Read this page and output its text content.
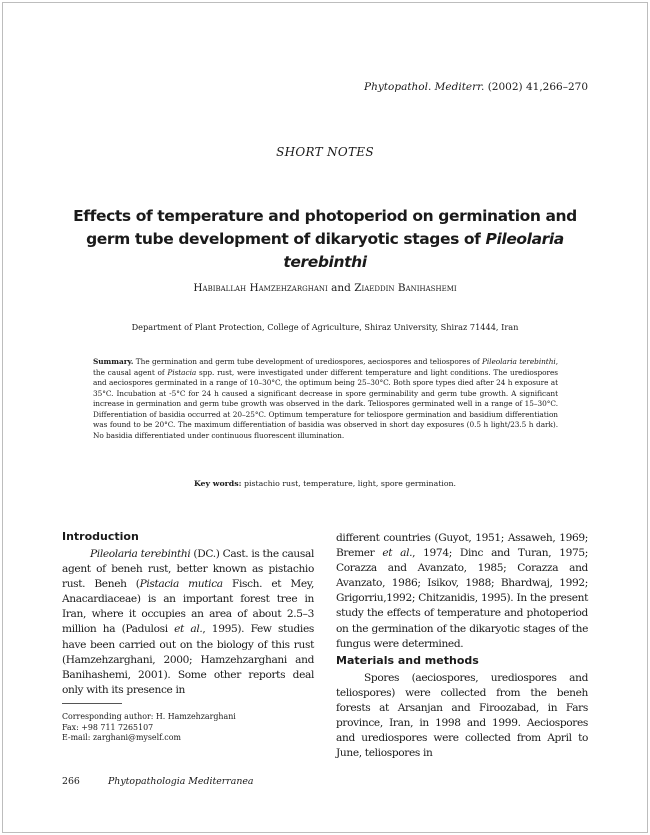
Phytopathol. Mediterr. (2002) 41,266–270
SHORT NOTES
Effects of temperature and photoperiod on germination and
germ tube development of dikaryotic stages of Pileolaria terebinthi
Habiballah Hamzehzarghani and Ziaeddin Banihashemi
Department of Plant Protection, College of Agriculture, Shiraz University, Shiraz 71444, Iran
Summary. The germination and germ tube development of urediospores, aeciospores and teliospores of Pileolaria terebinthi, the causal agent of Pistacia spp. rust, were investigated under different temperature and light conditions. The urediospores and aeciospores germinated in a range of 10–30°C, the optimum being 25–30°C. Both spore types died after 24 h exposure at 35°C. Incubation at -5°C for 24 h caused a significant decrease in spore germinability and germ tube growth. A significant increase in germination and germ tube growth was observed in the dark. Teliospores germinated well in a range of 15–30°C. Differentiation of basidia occurred at 20–25°C. Optimum temperature for teliospore germination and basidium differentiation was found to be 20°C. The maximum differentiation of basidia was observed in short day exposures (0.5 h light/23.5 h dark). No basidia differentiated under continuous fluorescent illumination.
Key words: pistachio rust, temperature, light, spore germination.
Introduction
Pileolaria terebinthi (DC.) Cast. is the causal agent of beneh rust, better known as pistachio rust. Beneh (Pistacia mutica Fisch. et Mey, Anacardiaceae) is an important forest tree in Iran, where it occupies an area of about 2.5–3 million ha (Padulosi et al., 1995). Few studies have been carried out on the biology of this rust (Hamzehzarghani, 2000; Hamzehzarghani and Banihashemi, 2001). Some other reports deal only with its presence in
different countries (Guyot, 1951; Assaweh, 1969; Bremer et al., 1974; Dinc and Turan, 1975; Corazza and Avanzato, 1985; Corazza and Avanzato, 1986; Isikov, 1988; Bhardwaj, 1992; Grigorriu,1992; Chitzanidis, 1995). In the present study the effects of temperature and photoperiod on the germination of the dikaryotic stages of the fungus were determined.
Materials and methods
Spores (aeciospores, urediospores and teliospores) were collected from the beneh forests at Arsanjan and Firoozabad, in Fars province, Iran, in 1998 and 1999. Aeciospores and urediospores were collected from April to June, teliospores in
Corresponding author: H. Hamzehzarghani
Fax: +98 711 7265107
E-mail: zarghani@myself.com
266	Phytopathologia Mediterranea
